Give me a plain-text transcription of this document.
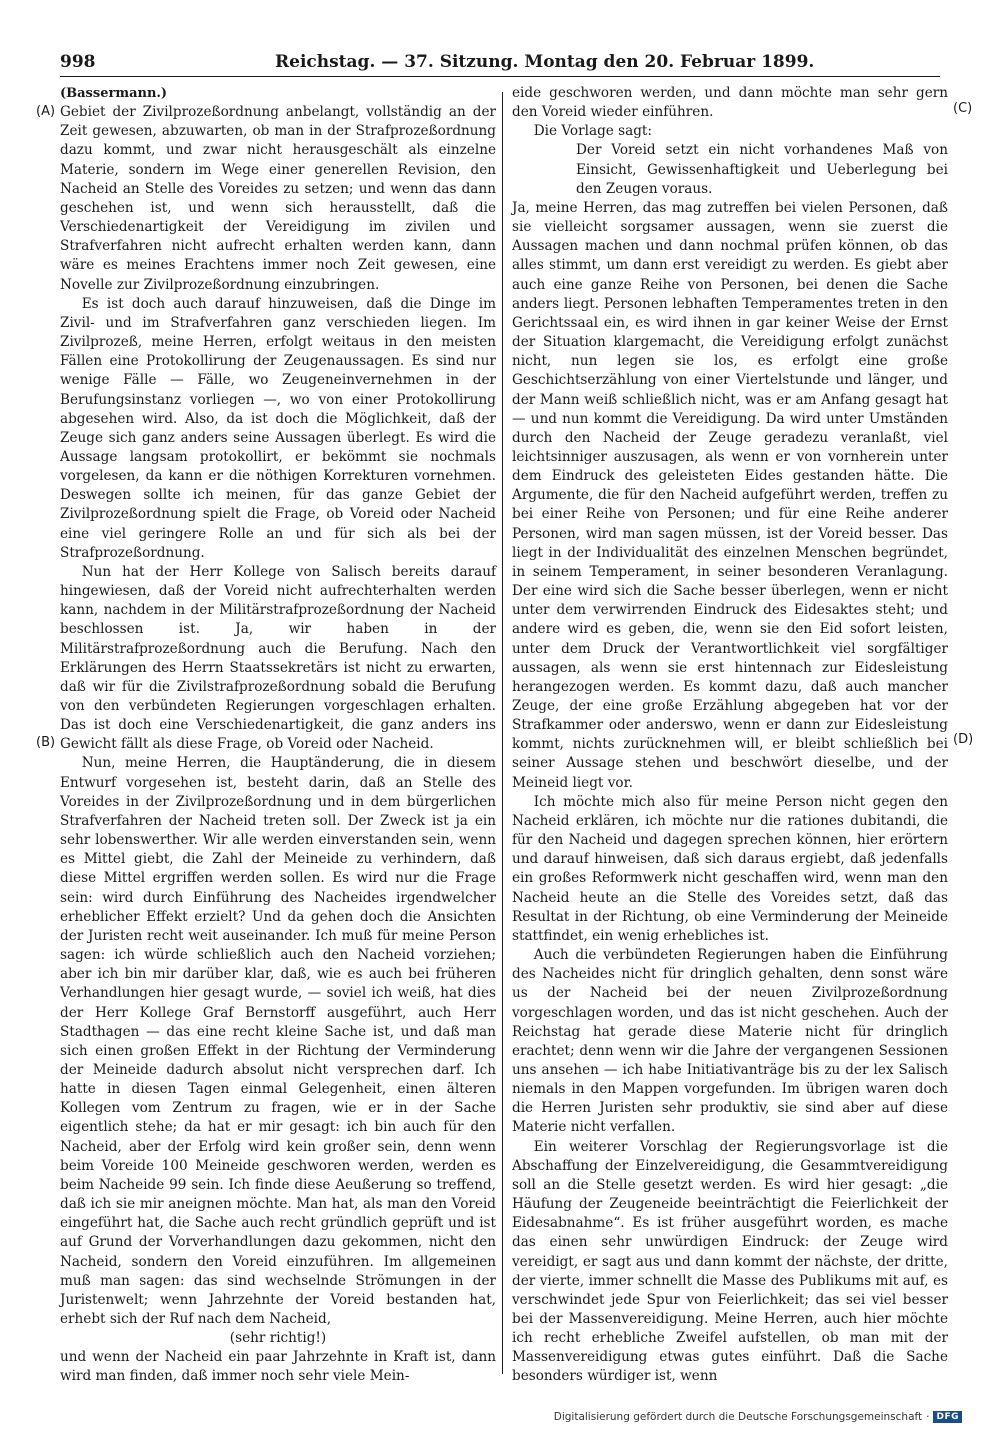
998	Reichstag. — 37. Sitzung. Montag den 20. Februar 1899.
(A)
(B)
(C)
(D)
(Bassermann.)

Gebiet der Zivilprozeßordnung anbelangt, vollständig an der Zeit gewesen, abzuwarten, ob man in der Strafprozeßordnung dazu kommt, und zwar nicht herausgeschält als einzelne Materie, sondern im Wege einer generellen Revision, den Nacheid an Stelle des Voreides zu setzen; und wenn das dann geschehen ist, und wenn sich herausstellt, daß die Verschiedenartigkeit der Vereidigung im zivilen und Strafverfahren nicht aufrecht erhalten werden kann, dann wäre es meines Erachtens immer noch Zeit gewesen, eine Novelle zur Zivilprozeßordnung einzubringen.

Es ist doch auch darauf hinzuweisen, daß die Dinge im Zivil- und im Strafverfahren ganz verschieden liegen. Im Zivilprozeß, meine Herren, erfolgt weitaus in den meisten Fällen eine Protokollirung der Zeugenaussagen. Es sind nur wenige Fälle — Fälle, wo Zeugeneinvernehmen in der Berufungsinstanz vorliegen —, wo von einer Protokollirung abgesehen wird. Also, da ist doch die Möglichkeit, daß der Zeuge sich ganz anders seine Aussagen überlegt. Es wird die Aussage langsam protokollirt, er bekömmt sie nochmals vorgelesen, da kann er die nöthigen Korrekturen vornehmen. Deswegen sollte ich meinen, für das ganze Gebiet der Zivilprozeßordnung spielt die Frage, ob Voreid oder Nacheid eine viel geringere Rolle an und für sich als bei der Strafprozeßordnung.

Nun hat der Herr Kollege von Salisch bereits darauf hingewiesen, daß der Voreid nicht aufrechterhalten werden kann, nachdem in der Militärstrafprozeßordnung der Nacheid beschlossen ist. Ja, wir haben in der Militärstrafprozeßordnung auch die Berufung. Nach den Erklärungen des Herrn Staatssekretärs ist nicht zu erwarten, daß wir für die Zivilstrafprozeßordnung sobald die Berufung von den verbündeten Regierungen vorgeschlagen erhalten. Das ist doch eine Verschiedenartigkeit, die ganz anders ins Gewicht fällt als diese Frage, ob Voreid oder Nacheid.

Nun, meine Herren, die Hauptänderung, die in diesem Entwurf vorgesehen ist, besteht darin, daß an Stelle des Voreides in der Zivilprozeßordnung und in dem bürgerlichen Strafverfahren der Nacheid treten soll. Der Zweck ist ja ein sehr lobenswerther. Wir alle werden einverstanden sein, wenn es Mittel giebt, die Zahl der Meineide zu verhindern, daß diese Mittel ergriffen werden sollen. Es wird nur die Frage sein: wird durch Einführung des Nacheides irgendwelcher erheblicher Effekt erzielt? Und da gehen doch die Ansichten der Juristen recht weit auseinander. Ich muß für meine Person sagen: ich würde schließlich auch den Nacheid vorziehen; aber ich bin mir darüber klar, daß, wie es auch bei früheren Verhandlungen hier gesagt wurde, — soviel ich weiß, hat dies der Herr Kollege Graf Bernstorff ausgeführt, auch Herr Stadthagen — das eine recht kleine Sache ist, und daß man sich einen großen Effekt in der Richtung der Verminderung der Meineide dadurch absolut nicht versprechen darf. Ich hatte in diesen Tagen einmal Gelegenheit, einen älteren Kollegen vom Zentrum zu fragen, wie er in der Sache eigentlich stehe; da hat er mir gesagt: ich bin auch für den Nacheid, aber der Erfolg wird kein großer sein, denn wenn beim Voreide 100 Meineide geschworen werden, werden es beim Nacheide 99 sein. Ich finde diese Aeußerung so treffend, daß ich sie mir aneignen möchte. Man hat, als man den Voreid eingeführt hat, die Sache auch recht gründlich geprüft und ist auf Grund der Vorverhandlungen dazu gekommen, nicht den Nacheid, sondern den Voreid einzuführen. Im allgemeinen muß man sagen: das sind wechselnde Strömungen in der Juristenwelt; wenn Jahrzehnte der Voreid bestanden hat, erhebt sich der Ruf nach dem Nacheid,

(sehr richtig!)

und wenn der Nacheid ein paar Jahrzehnte in Kraft ist, dann wird man finden, daß immer noch sehr viele Mein-

eide geschworen werden, und dann möchte man sehr gern den Voreid wieder einführen.

Die Vorlage sagt:

Der Voreid setzt ein nicht vorhandenes Maß von Einsicht, Gewissenhaftigkeit und Ueberlegung bei den Zeugen voraus.

Ja, meine Herren, das mag zutreffen bei vielen Personen, daß sie vielleicht sorgsamer aussagen, wenn sie zuerst die Aussagen machen und dann nochmal prüfen können, ob das alles stimmt, um dann erst vereidigt zu werden. Es giebt aber auch eine ganze Reihe von Personen, bei denen die Sache anders liegt. Personen lebhaften Temperamentes treten in den Gerichtssaal ein, es wird ihnen in gar keiner Weise der Ernst der Situation klargemacht, die Vereidigung erfolgt zunächst nicht, nun legen sie los, es erfolgt eine große Geschichtserzählung von einer Viertelstunde und länger, und der Mann weiß schließlich nicht, was er am Anfang gesagt hat — und nun kommt die Vereidigung. Da wird unter Umständen durch den Nacheid der Zeuge geradezu veranlaßt, viel leichtsinniger auszusagen, als wenn er von vornherein unter dem Eindruck des geleisteten Eides gestanden hätte. Die Argumente, die für den Nacheid aufgeführt werden, treffen zu bei einer Reihe von Personen; und für eine Reihe anderer Personen, wird man sagen müssen, ist der Voreid besser. Das liegt in der Individualität des einzelnen Menschen begründet, in seinem Temperament, in seiner besonderen Veranlagung. Der eine wird sich die Sache besser überlegen, wenn er nicht unter dem verwirrenden Eindruck des Eidesaktes steht; und andere wird es geben, die, wenn sie den Eid sofort leisten, unter dem Druck der Verantwortlichkeit viel sorgfältiger aussagen, als wenn sie erst hintennach zur Eidesleistung herangezogen werden. Es kommt dazu, daß auch mancher Zeuge, der eine große Erzählung abgegeben hat vor der Strafkammer oder anderswo, wenn er dann zur Eidesleistung kommt, nichts zurücknehmen will, er bleibt schließlich bei seiner Aussage stehen und beschwört dieselbe, und der Meineid liegt vor.

Ich möchte mich also für meine Person nicht gegen den Nacheid erklären, ich möchte nur die rationes dubitandi, die für den Nacheid und dagegen sprechen können, hier erörtern und darauf hinweisen, daß sich daraus ergiebt, daß jedenfalls ein großes Reformwerk nicht geschaffen wird, wenn man den Nacheid heute an die Stelle des Voreides setzt, daß das Resultat in der Richtung, ob eine Verminderung der Meineide stattfindet, ein wenig erhebliches ist.

Auch die verbündeten Regierungen haben die Einführung des Nacheides nicht für dringlich gehalten, denn sonst wäre us der Nacheid bei der neuen Zivilprozeßordnung vorgeschlagen worden, und das ist nicht geschehen. Auch der Reichstag hat gerade diese Materie nicht für dringlich erachtet; denn wenn wir die Jahre der vergangenen Sessionen uns ansehen — ich habe Initiativanträge bis zu der lex Salisch niemals in den Mappen vorgefunden. Im übrigen waren doch die Herren Juristen sehr produktiv, sie sind aber auf diese Materie nicht verfallen.

Ein weiterer Vorschlag der Regierungsvorlage ist die Abschaffung der Einzelvereidigung, die Gesammtvereidigung soll an die Stelle gesetzt werden. Es wird hier gesagt: „die Häufung der Zeugeneide beeinträchtigt die Feierlichkeit der Eidesabnahme“. Es ist früher ausgeführt worden, es mache das einen sehr unwürdigen Eindruck: der Zeuge wird vereidigt, er sagt aus und dann kommt der nächste, der dritte, der vierte, immer schnellt die Masse des Publikums mit auf, es verschwindet jede Spur von Feierlichkeit; das sei viel besser bei der Massenvereidigung. Meine Herren, auch hier möchte ich recht erhebliche Zweifel aufstellen, ob man mit der Massenvereidigung etwas gutes einführt. Daß die Sache besonders würdiger ist, wenn

Digitalisierung gefördert durch die Deutsche Forschungsgemeinschaft · DFG
